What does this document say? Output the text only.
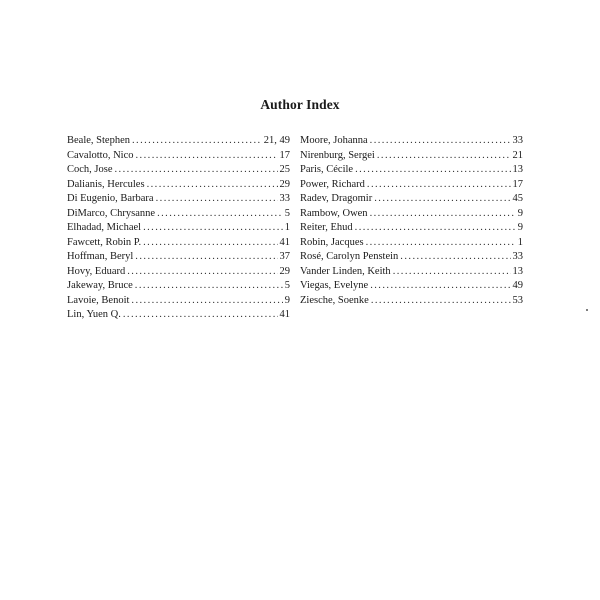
Author Index
Beale, Stephen . . .	21, 49
Cavalotto, Nico . . .	17
Coch, Jose . . .	25
Dalianis, Hercules . . .	29
Di Eugenio, Barbara . . .	33
DiMarco, Chrysanne . . .	5
Elhadad, Michael . . .	1
Fawcett, Robin P. . . .	41
Hoffman, Beryl . . .	37
Hovy, Eduard . . .	29
Jakeway, Bruce . . .	5
Lavoie, Benoit . . .	9
Lin, Yuen Q. . . .	41
Moore, Johanna . . .	33
Nirenburg, Sergei . . .	21
Paris, Cécile . . .	13
Power, Richard . . .	17
Radev, Dragomir . . .	45
Rambow, Owen . . .	9
Reiter, Ehud . . .	9
Robin, Jacques . . .	1
Rosé, Carolyn Penstein . . .	33
Vander Linden, Keith . . .	13
Viegas, Evelyne . . .	49
Ziesche, Soenke . . .	53
